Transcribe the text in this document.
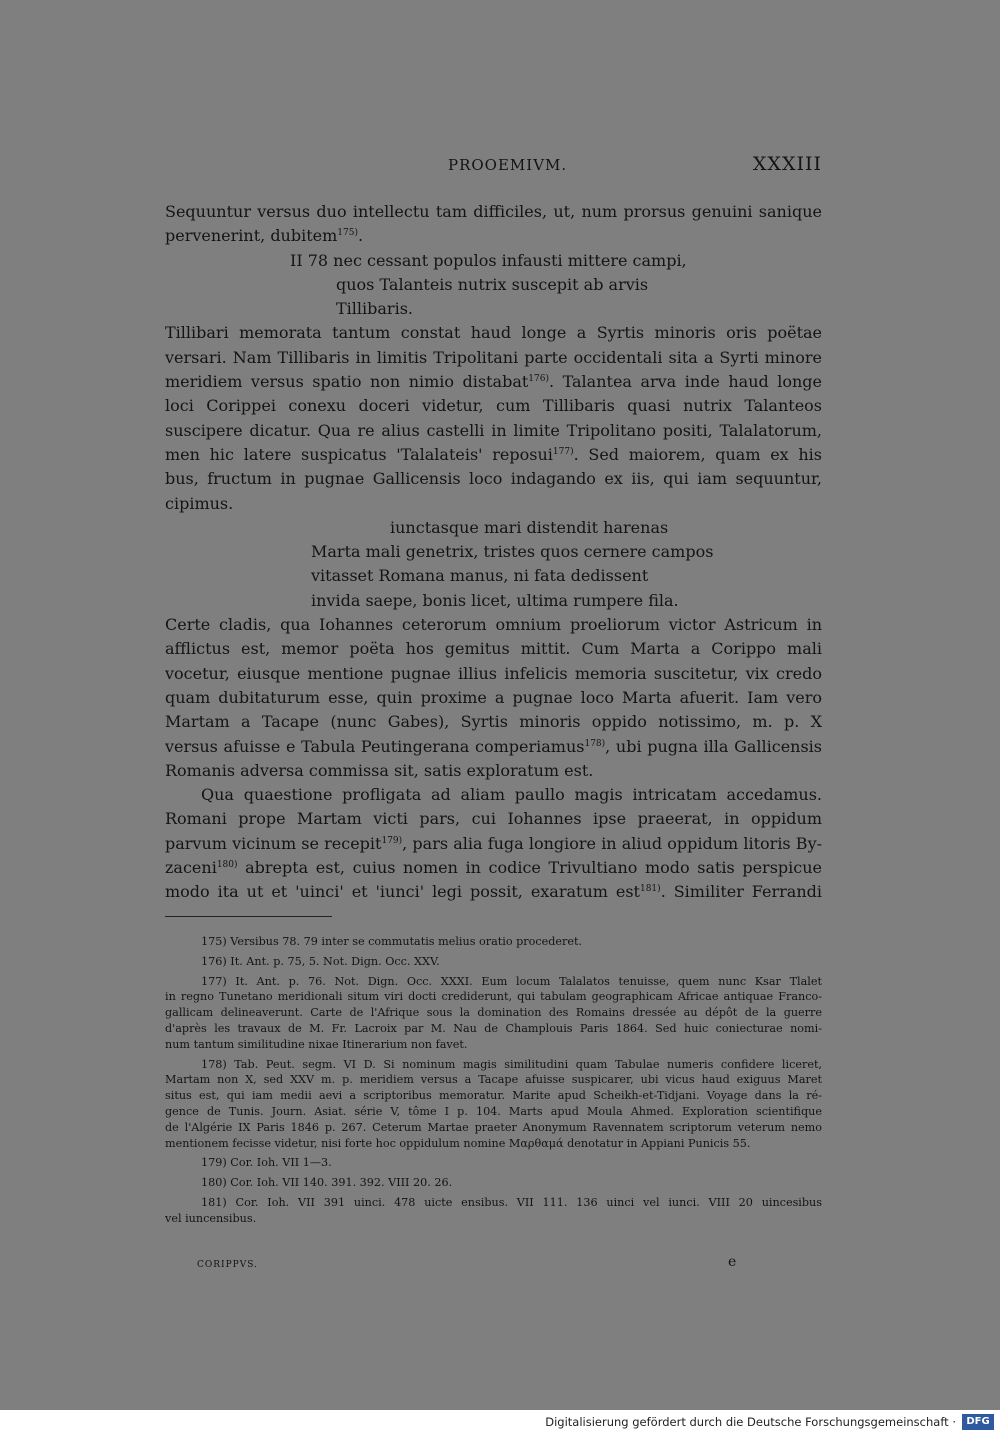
PROOEMIVM.	XXXIII
Sequuntur versus duo intellectu tam difficiles, ut, num prorsus genuini sanique
pervenerint, dubitem$^{175)}$.
II 78 nec cessant populos infausti mittere campi,
quos Talanteis nutrix suscepit ab arvis
Tillibaris.
Tillibari memorata tantum constat haud longe a Syrtis minoris oris poëtae
versari. Nam Tillibaris in limitis Tripolitani parte occidentali sita a Syrti minore
meridiem versus spatio non nimio distabat$^{176)}$. Talantea arva inde haud longe
loci Corippei conexu doceri videtur, cum Tillibaris quasi nutrix Talanteos
suscipere dicatur. Qua re alius castelli in limite Tripolitano positi, Talalatorum,
men hic latere suspicatus 'Talalateis' reposui$^{177)}$. Sed maiorem, quam ex his
bus, fructum in pugnae Gallicensis loco indagando ex iis, qui iam sequuntur,
cipimus.
iunctasque mari distendit harenas
Marta mali genetrix, tristes quos cernere campos
vitasset Romana manus, ni fata dedissent
invida saepe, bonis licet, ultima rumpere fila.
Certe cladis, qua Iohannes ceterorum omnium proeliorum victor Astricum in
afflictus est, memor poëta hos gemitus mittit. Cum Marta a Corippo mali
vocetur, eiusque mentione pugnae illius infelicis memoria suscitetur, vix credo
quam dubitaturum esse, quin proxime a pugnae loco Marta afuerit. Iam vero
Martam a Tacape (nunc Gabes), Syrtis minoris oppido notissimo, m. p. X
versus afuisse e Tabula Peutingerana comperiamus$^{178)}$, ubi pugna illa Gallicensis
Romanis adversa commissa sit, satis exploratum est.
Qua quaestione profligata ad aliam paullo magis intricatam accedamus.
Romani prope Martam victi pars, cui Iohannes ipse praeerat, in oppidum
parvum vicinum se recepit$^{179)}$, pars alia fuga longiore in aliud oppidum litoris By-
zaceni$^{180)}$ abrepta est, cuius nomen in codice Trivultiano modo satis perspicue
modo ita ut et 'uinci' et 'iunci' legi possit, exaratum est$^{181)}$. Similiter Ferrandi
175) Versibus 78. 79 inter se commutatis melius oratio procederet.
176) It. Ant. p. 75, 5. Not. Dign. Occ. XXV.
177) It. Ant. p. 76. Not. Dign. Occ. XXXI. Eum locum Talalatos tenuisse, quem nunc Ksar Tlalet
in regno Tunetano meridionali situm viri docti crediderunt, qui tabulam geographicam Africae antiquae Franco-
gallicam delineaverunt. Carte de l'Afrique sous la domination des Romains dressée au dépôt de la guerre
d'après les travaux de M. Fr. Lacroix par M. Nau de Champlouis Paris 1864. Sed huic coniecturae nomi-
num tantum similitudine nixae Itinerarium non favet.
178) Tab. Peut. segm. VI D. Si nominum magis similitudini quam Tabulae numeris confidere liceret,
Martam non X, sed XXV m. p. meridiem versus a Tacape afuisse suspicarer, ubi vicus haud exiguus Maret
situs est, qui iam medii aevi a scriptoribus memoratur. Marite apud Scheikh-et-Tidjani. Voyage dans la ré-
gence de Tunis. Journ. Asiat. série V, tôme I p. 104. Marts apud Moula Ahmed. Exploration scientifique
de l'Algérie IX Paris 1846 p. 267. Ceterum Martae praeter Anonymum Ravennatem scriptorum veterum nemo
mentionem fecisse videtur, nisi forte hoc oppidulum nomine Μαρθαμά denotatur in Appiani Punicis 55.
179) Cor. Ioh. VII 1—3.
180) Cor. Ioh. VII 140. 391. 392. VIII 20. 26.
181) Cor. Ioh. VII 391 uinci. 478 uicte ensibus. VII 111. 136 uinci vel iunci. VIII 20 uincesibus
vel iuncensibus.
CORIPPVS.	e
Digitalisierung gefördert durch die Deutsche Forschungsgemeinschaft ·	DFG
